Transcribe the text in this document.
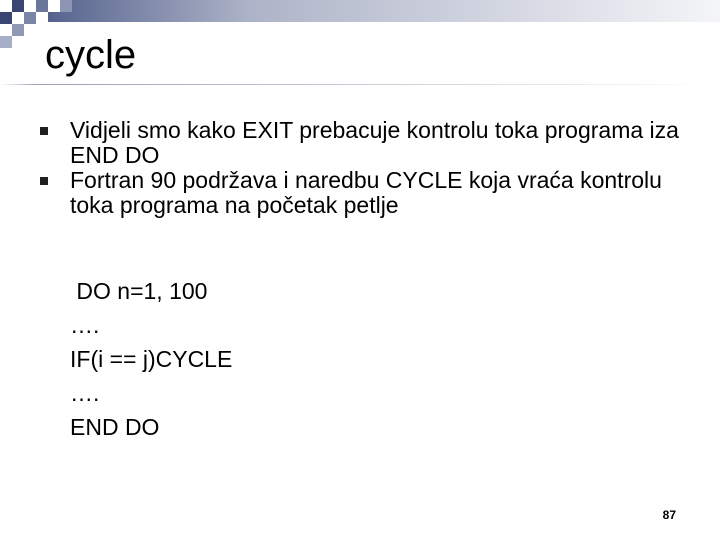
cycle
Vidjeli smo kako EXIT prebacuje kontrolu toka programa iza END DO
Fortran 90 podržava i naredbu CYCLE koja vraća kontrolu toka programa na početak petlje
DO n=1, 100
….
IF(i == j)CYCLE
….
END DO
87
